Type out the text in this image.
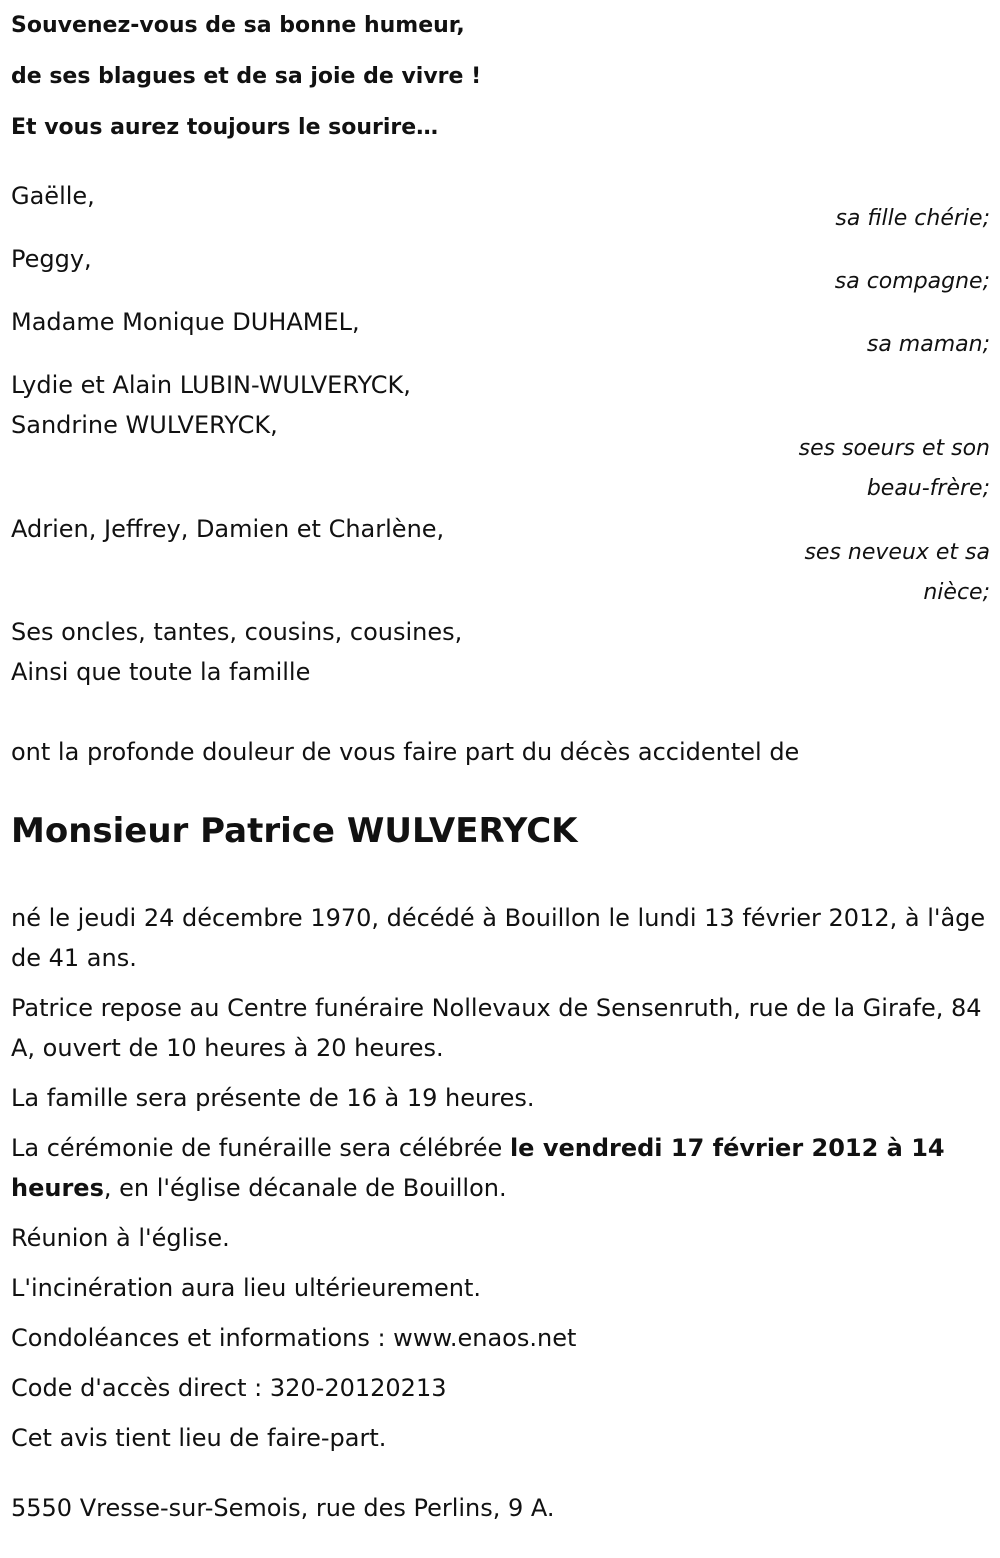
Souvenez-vous de sa bonne humeur,
de ses blagues et de sa joie de vivre !
Et vous aurez toujours le sourire…
Gaëlle,
sa fille chérie;
Peggy,
sa compagne;
Madame Monique DUHAMEL,
sa maman;
Lydie et Alain LUBIN-WULVERYCK,
Sandrine WULVERYCK,
ses soeurs et son
beau-frère;
Adrien, Jeffrey, Damien et Charlène,
ses neveux et sa
nièce;
Ses oncles, tantes, cousins, cousines,
Ainsi que toute la famille
ont la profonde douleur de vous faire part du décès accidentel de
Monsieur Patrice WULVERYCK
né le jeudi 24 décembre 1970, décédé à Bouillon le lundi 13 février 2012, à l'âge de 41 ans.
Patrice repose au Centre funéraire Nollevaux de Sensenruth, rue de la Girafe, 84 A, ouvert de 10 heures à 20 heures.
La famille sera présente de 16 à 19 heures.
La cérémonie de funéraille sera célébrée le vendredi 17 février 2012 à 14 heures, en l'église décanale de Bouillon.
Réunion à l'église.
L'incinération aura lieu ultérieurement.
Condoléances et informations : www.enaos.net
Code d'accès direct : 320-20120213
Cet avis tient lieu de faire-part.
5550 Vresse-sur-Semois, rue des Perlins, 9 A.
